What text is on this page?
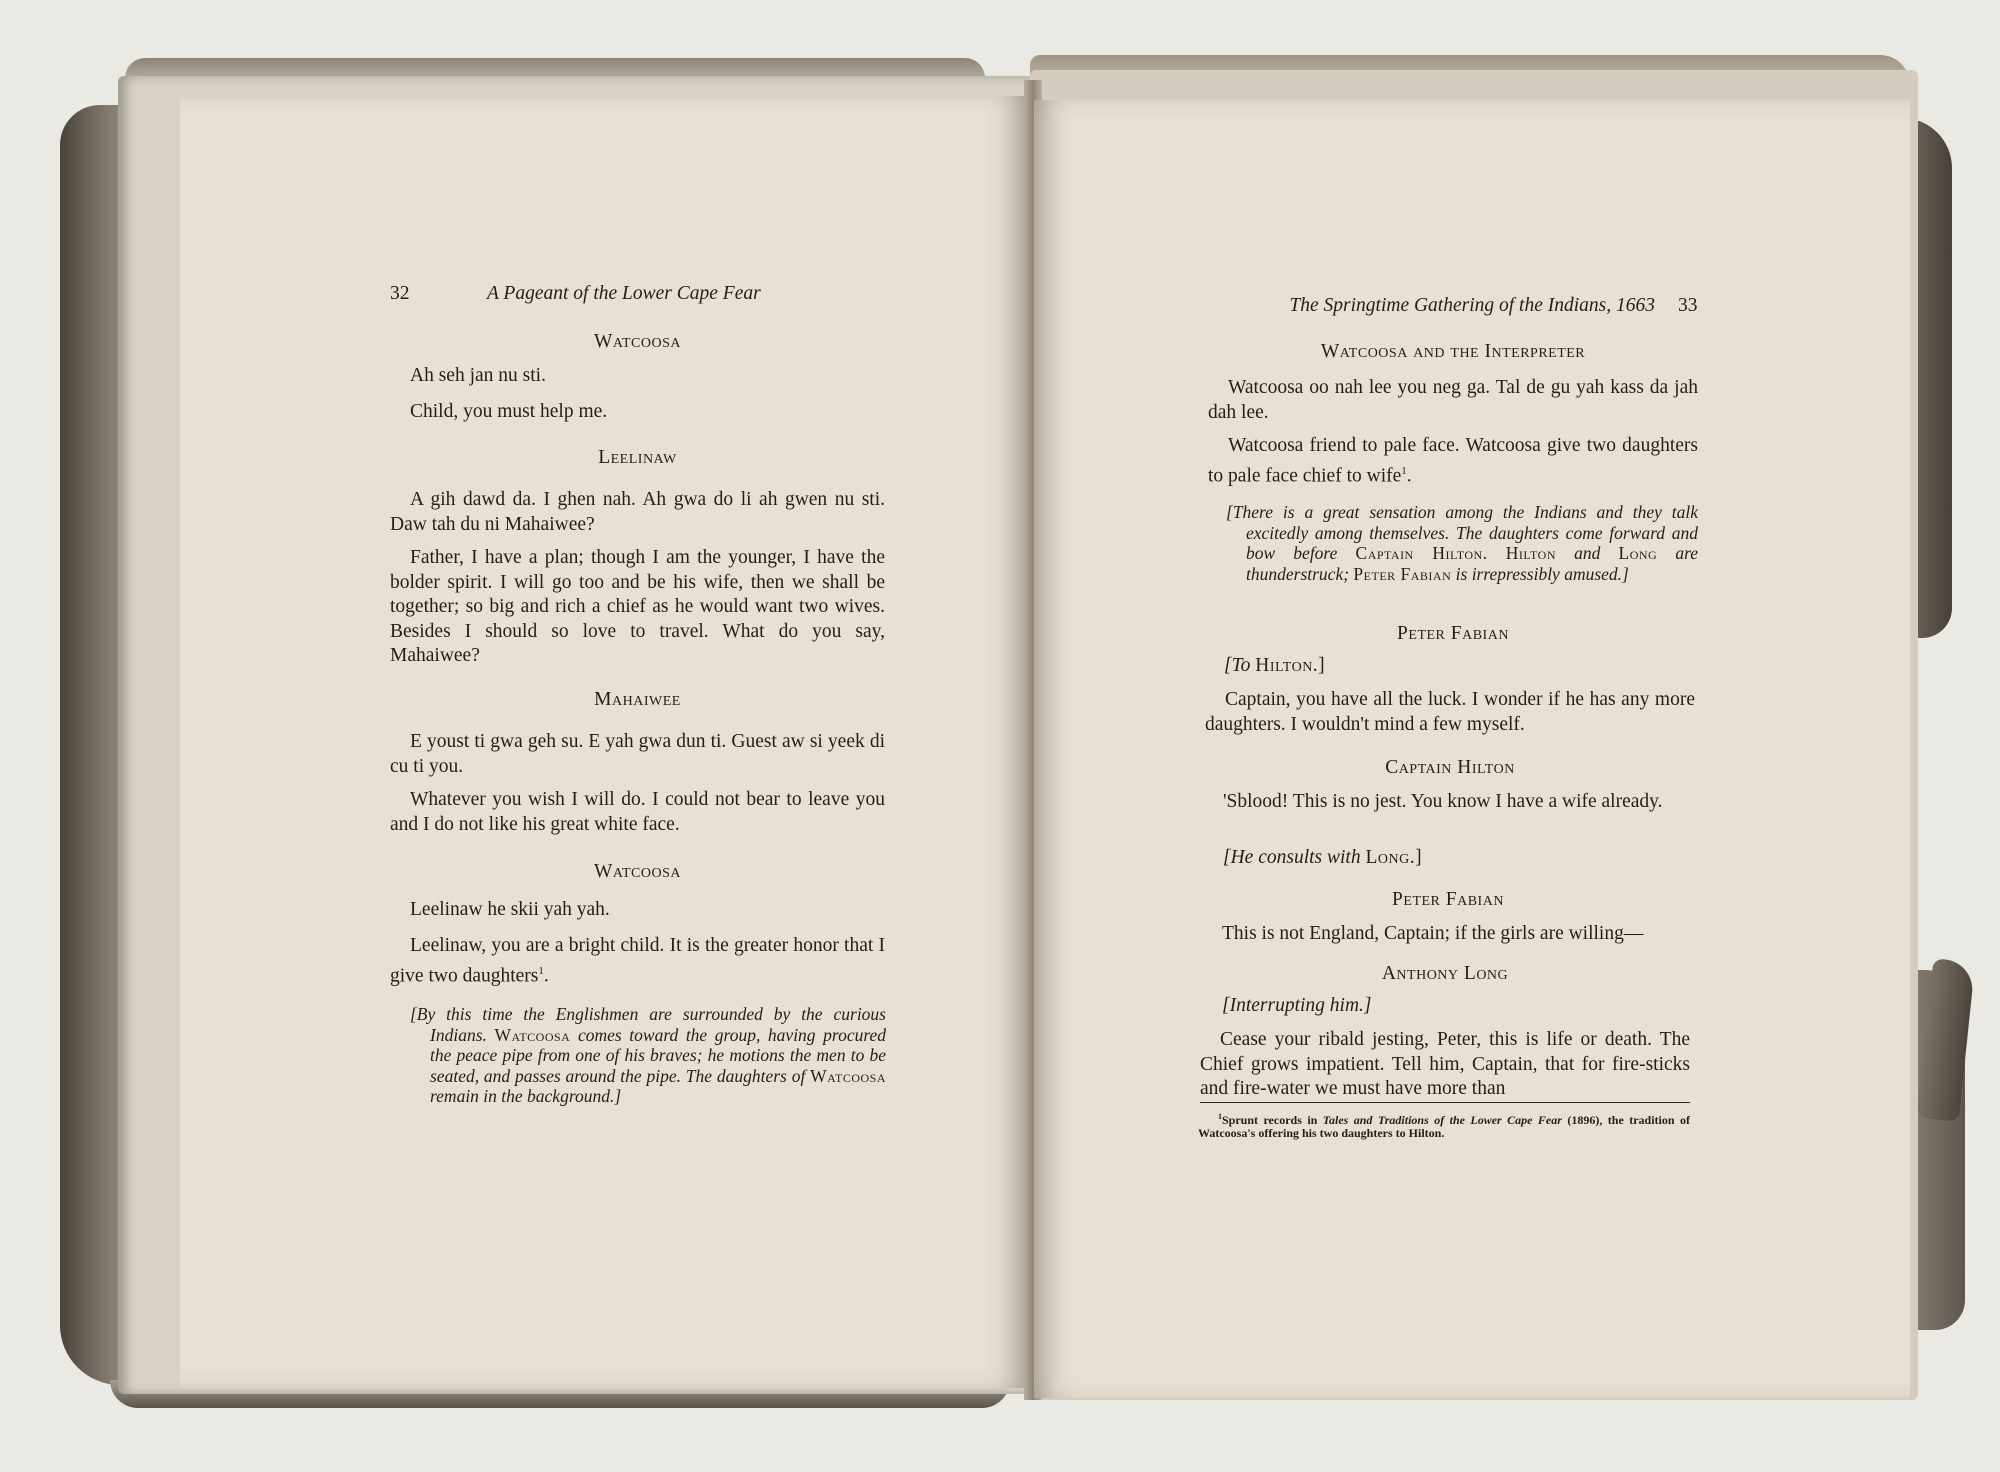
32	A Pageant of the Lower Cape Fear
Watcoosa
Ah seh jan nu sti.
Child, you must help me.
Leelinaw
A gih dawd da. I ghen nah. Ah gwa do li ah gwen nu sti. Daw tah du ni Mahaiwee?
Father, I have a plan; though I am the younger, I have the bolder spirit. I will go too and be his wife, then we shall be together; so big and rich a chief as he would want two wives. Besides I should so love to travel. What do you say, Mahaiwee?
Mahaiwee
E youst ti gwa geh su. E yah gwa dun ti. Guest aw si yeek di cu ti you.
Whatever you wish I will do. I could not bear to leave you and I do not like his great white face.
Watcoosa
Leelinaw he skii yah yah.
Leelinaw, you are a bright child. It is the greater honor that I give two daughters$^1$.
[By this time the Englishmen are surrounded by the curious Indians. Watcoosa comes toward the group, having procured the peace pipe from one of his braves; he motions the men to be seated, and passes around the pipe. The daughters of Watcoosa remain in the background.]
The Springtime Gathering of the Indians, 1663 33
Watcoosa and the Interpreter
Watcoosa oo nah lee you neg ga. Tal de gu yah kass da jah dah lee.
Watcoosa friend to pale face. Watcoosa give two daughters to pale face chief to wife$^1$.
[There is a great sensation among the Indians and they talk excitedly among themselves. The daughters come forward and bow before Captain Hilton. Hilton and Long are thunderstruck; Peter Fabian is irrepressibly amused.]
Peter Fabian
[To Hilton.]
Captain, you have all the luck. I wonder if he has any more daughters. I wouldn't mind a few myself.
Captain Hilton
'Sblood! This is no jest. You know I have a wife already.
[He consults with Long.]
Peter Fabian
This is not England, Captain; if the girls are willing—
Anthony Long
[Interrupting him.]
Cease your ribald jesting, Peter, this is life or death. The Chief grows impatient. Tell him, Captain, that for fire-sticks and fire-water we must have more than
$^1$Sprunt records in Tales and Traditions of the Lower Cape Fear (1896), the tradition of Watcoosa's offering his two daughters to Hilton.
